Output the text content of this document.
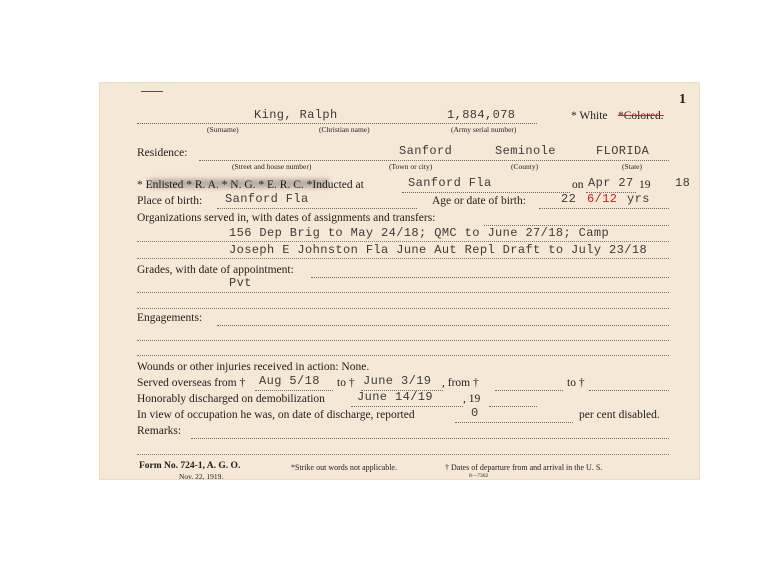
1
King, Ralph	1,884,078	* White *Colored.
(Surname)	(Christian name)	(Army serial number)
Residence:	Sanford	Seminole	FLORIDA
(Street and house number)	(Town or city)	(County)	(State)
* Enlisted * R. A. * N. G. * E. R. C. *Inducted at	Sanford Fla	on Apr 27 19 18
Place of birth: Sanford Fla	Age or date of birth:	22 6/12 yrs
Organizations served in, with dates of assignments and transfers:
156 Dep Brig to May 24/18; QMC to June 27/18; Camp
Joseph E Johnston Fla June Aut Repl Draft to July 23/18
Grades, with date of appointment:
Pvt
Engagements:
Wounds or other injuries received in action: None.
Served overseas from † Aug 5/18 to † June 3/19 , from †	to †
Honorably discharged on demobilization	June 14/19	, 19
In view of occupation he was, on date of discharge, reported	0	per cent disabled.
Remarks:
Form No. 724-1, A. G. O.
Nov. 22, 1919.
*Strike out words not applicable.	† Dates of departure from and arrival in the U. S.
8—7362
